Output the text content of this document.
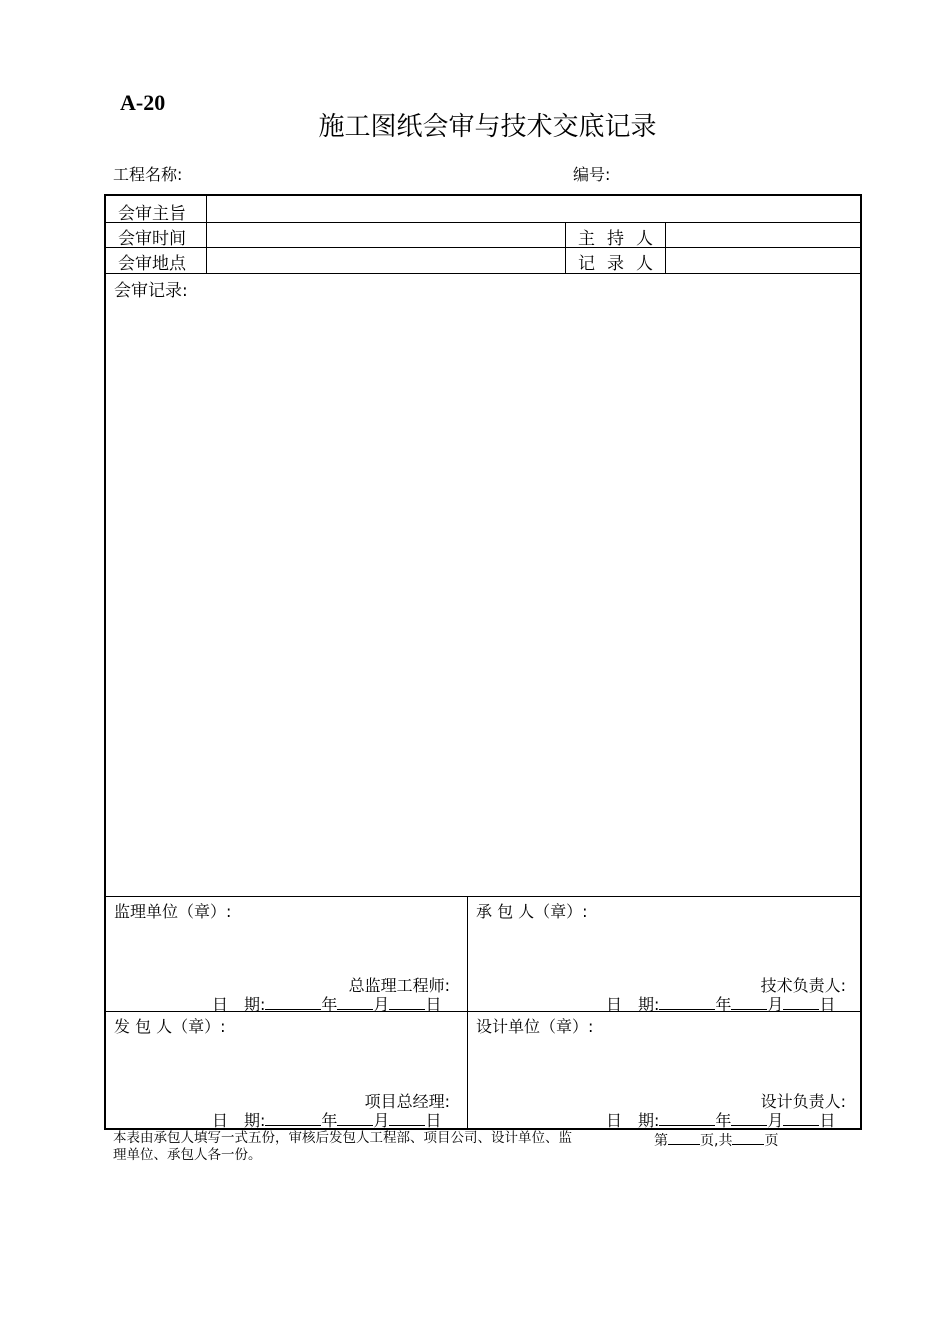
A-20
施工图纸会审与技术交底记录
工程名称:	编号:
会审主旨
会审时间	主持人
会审地点	记录人
会审记录:
监理单位（章）:
总监理工程师:
日　期:	年 月 日
承 包 人（章）:
技术负责人:
日　期:	年 月 日
发 包 人（章）:
项目总经理:
日　期:	年 月 日
设计单位（章）:
设计负责人:
日　期:	年 月 日
本表由承包人填写一式五份，审核后发包人工程部、项目公司、设计单位、监理单位、承包人各一份。
第 页,共 页
